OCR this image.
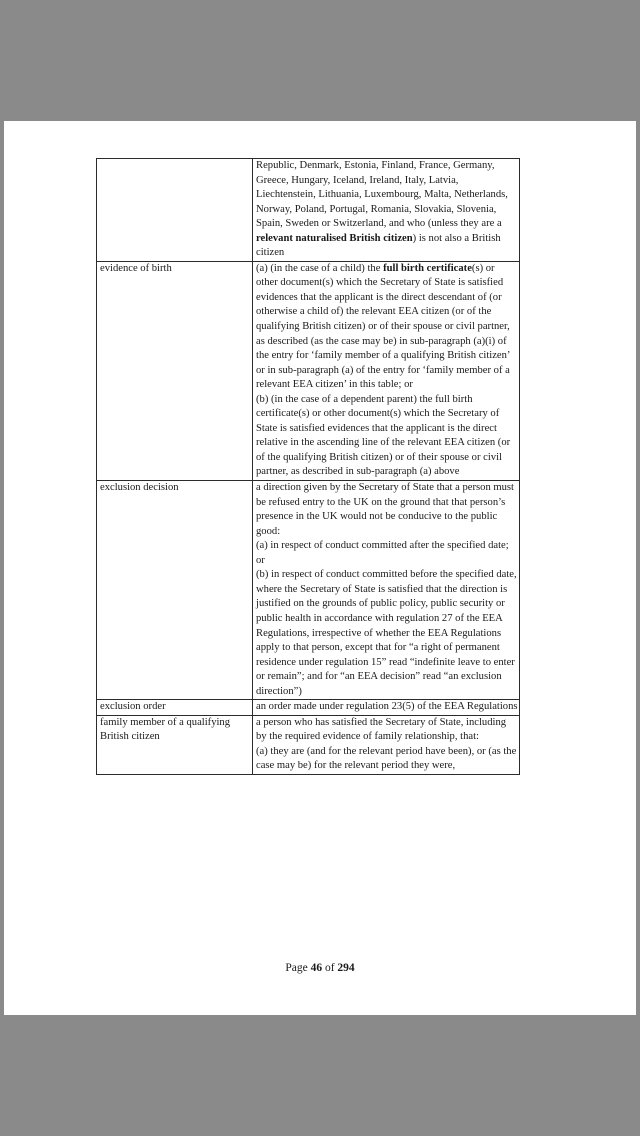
	Republic, Denmark, Estonia, Finland, France, Germany, Greece, Hungary, Iceland, Ireland, Italy, Latvia, Liechtenstein, Lithuania, Luxembourg, Malta, Netherlands, Norway, Poland, Portugal, Romania, Slovakia, Slovenia, Spain, Sweden or Switzerland, and who (unless they are a relevant naturalised British citizen) is not also a British citizen
evidence of birth	(a) (in the case of a child) the full birth certificate(s) or other document(s) which the Secretary of State is satisfied evidences that the applicant is the direct descendant of (or otherwise a child of) the relevant EEA citizen (or of the qualifying British citizen) or of their spouse or civil partner, as described (as the case may be) in sub-paragraph (a)(i) of the entry for ‘family member of a qualifying British citizen’ or in sub-paragraph (a) of the entry for ‘family member of a relevant EEA citizen’ in this table; or
(b) (in the case of a dependent parent) the full birth certificate(s) or other document(s) which the Secretary of State is satisfied evidences that the applicant is the direct relative in the ascending line of the relevant EEA citizen (or of the qualifying British citizen) or of their spouse or civil partner, as described in sub-paragraph (a) above
exclusion decision	a direction given by the Secretary of State that a person must be refused entry to the UK on the ground that that person’s presence in the UK would not be conducive to the public good:
(a) in respect of conduct committed after the specified date; or
(b) in respect of conduct committed before the specified date, where the Secretary of State is satisfied that the direction is justified on the grounds of public policy, public security or public health in accordance with regulation 27 of the EEA Regulations, irrespective of whether the EEA Regulations apply to that person, except that for “a right of permanent residence under regulation 15” read “indefinite leave to enter or remain”; and for “an EEA decision” read “an exclusion direction”)
exclusion order	an order made under regulation 23(5) of the EEA Regulations
family member of a qualifying British citizen	a person who has satisfied the Secretary of State, including by the required evidence of family relationship, that:
(a) they are (and for the relevant period have been), or (as the case may be) for the relevant period they were,
Page 46 of 294
